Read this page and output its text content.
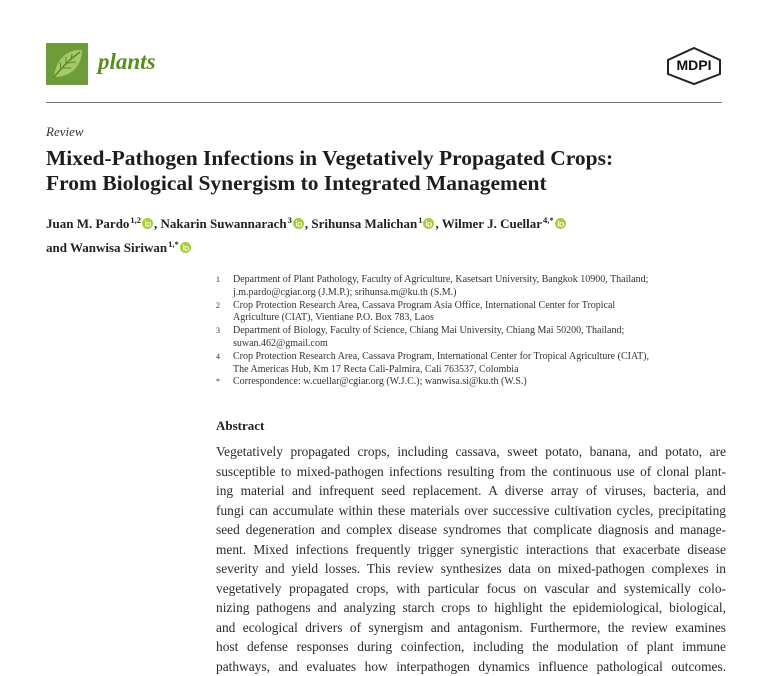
plants	MDPI
Review
Mixed-Pathogen Infections in Vegetatively Propagated Crops:
From Biological Synergism to Integrated Management
Juan M. Pardo$^{1,2}$ , Nakarin Suwannarach$^3$ , Srihunsa Malichan$^1$ , Wilmer J. Cuellar$^{4,*}$
and Wanwisa Siriwan$^{1,*}$
1 Department of Plant Pathology, Faculty of Agriculture, Kasetsart University, Bangkok 10900, Thailand;
j.m.pardo@cgiar.org (J.M.P.); srihunsa.m@ku.th (S.M.)
2 Crop Protection Research Area, Cassava Program Asia Office, International Center for Tropical
Agriculture (CIAT), Vientiane P.O. Box 783, Laos
3 Department of Biology, Faculty of Science, Chiang Mai University, Chiang Mai 50200, Thailand;
suwan.462@gmail.com
4 Crop Protection Research Area, Cassava Program, International Center for Tropical Agriculture (CIAT),
The Americas Hub, Km 17 Recta Cali-Palmira, Cali 763537, Colombia
* Correspondence: w.cuellar@cgiar.org (W.J.C.); wanwisa.si@ku.th (W.S.)
Abstract
Vegetatively propagated crops, including cassava, sweet potato, banana, and potato, are
susceptible to mixed-pathogen infections resulting from the continuous use of clonal plant-
ing material and infrequent seed replacement. A diverse array of viruses, bacteria, and
fungi can accumulate within these materials over successive cultivation cycles, precipitating
seed degeneration and complex disease syndromes that complicate diagnosis and manage-
ment. Mixed infections frequently trigger synergistic interactions that exacerbate disease
severity and yield losses. This review synthesizes data on mixed-pathogen complexes in
vegetatively propagated crops, with particular focus on vascular and systemically colo-
nizing pathogens and analyzing starch crops to highlight the epidemiological, biological,
and ecological drivers of synergism and antagonism. Furthermore, the review examines
host defense responses during coinfection, including the modulation of plant immune
pathways, and evaluates how interpathogen dynamics influence pathological outcomes.
